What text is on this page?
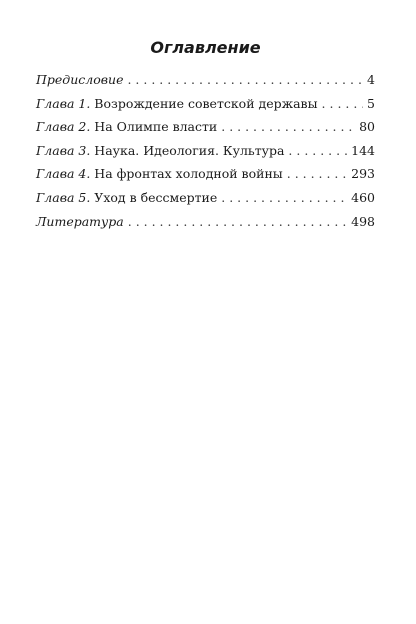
Оглавление
Предисловие . . .	4
Глава 1. Возрождение советской державы . . .	5
Глава 2. На Олимпе власти . . .	80
Глава 3. Наука. Идеология. Культура . . .	144
Глава 4. На фронтах холодной войны . . .	293
Глава 5. Уход в бессмертие . . .	460
Литература . . .	498
